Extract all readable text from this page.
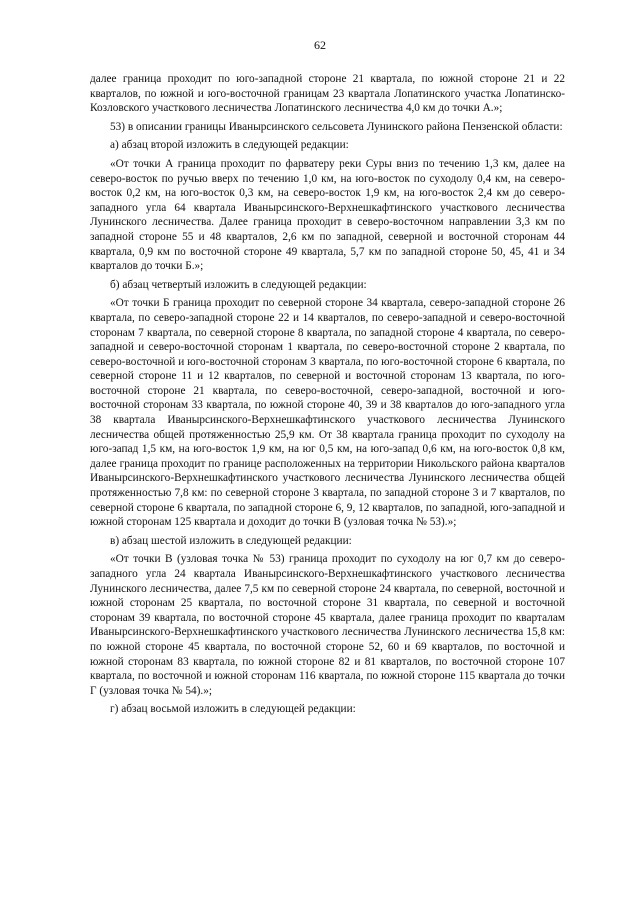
62

далее граница проходит по юго-западной стороне 21 квартала, по южной стороне 21 и 22 кварталов, по южной и юго-восточной границам 23 квартала Лопатинского участка Лопатинско-Козловского участкового лесничества Лопатинского лесничества 4,0 км до точки А.»;

53) в описании границы Иванырсинского сельсовета Лунинского района Пензенской области:

а) абзац второй изложить в следующей редакции:

«От точки А граница проходит по фарватеру реки Суры вниз по течению 1,3 км, далее на северо-восток по ручью вверх по течению 1,0 км, на юго-восток по суходолу 0,4 км, на северо-восток 0,2 км, на юго-восток 0,3 км, на северо-восток 1,9 км, на юго-восток 2,4 км до северо-западного угла 64 квартала Иванырсинского-Верхнешкафтинского участкового лесничества Лунинского лесничества. Далее граница проходит в северо-восточном направлении 3,3 км по западной стороне 55 и 48 кварталов, 2,6 км по западной, северной и восточной сторонам 44 квартала, 0,9 км по восточной стороне 49 квартала, 5,7 км по западной стороне 50, 45, 41 и 34 кварталов до точки Б.»;

б) абзац четвертый изложить в следующей редакции:

«От точки Б граница проходит по северной стороне 34 квартала, северо-западной стороне 26 квартала, по северо-западной стороне 22 и 14 кварталов, по северо-западной и северо-восточной сторонам 7 квартала, по северной стороне 8 квартала, по западной стороне 4 квартала, по северо-западной и северо-восточной сторонам 1 квартала, по северо-восточной стороне 2 квартала, по северо-восточной и юго-восточной сторонам 3 квартала, по юго-восточной стороне 6 квартала, по северной стороне 11 и 12 кварталов, по северной и восточной сторонам 13 квартала, по юго-восточной стороне 21 квартала, по северо-восточной, северо-западной, восточной и юго-восточной сторонам 33 квартала, по южной стороне 40, 39 и 38 кварталов до юго-западного угла 38 квартала Иванырсинского-Верхнешкафтинского участкового лесничества Лунинского лесничества общей протяженностью 25,9 км. От 38 квартала граница проходит по суходолу на юго-запад 1,5 км, на юго-восток 1,9 км, на юг 0,5 км, на юго-запад 0,6 км, на юго-восток 0,8 км, далее граница проходит по границе расположенных на территории Никольского района кварталов Иванырсинского-Верхнешкафтинского участкового лесничества Лунинского лесничества общей протяженностью 7,8 км: по северной стороне 3 квартала, по западной стороне 3 и 7 кварталов, по северной стороне 6 квартала, по западной стороне 6, 9, 12 кварталов, по западной, юго-западной и южной сторонам 125 квартала и доходит до точки В (узловая точка № 53).»;

в) абзац шестой изложить в следующей редакции:

«От точки В (узловая точка № 53) граница проходит по суходолу на юг 0,7 км до северо-западного угла 24 квартала Иванырсинского-Верхнешкафтинского участкового лесничества Лунинского лесничества, далее 7,5 км по северной стороне 24 квартала, по северной, восточной и южной сторонам 25 квартала, по восточной стороне 31 квартала, по северной и восточной сторонам 39 квартала, по восточной стороне 45 квартала, далее граница проходит по кварталам Иванырсинского-Верхнешкафтинского участкового лесничества Лунинского лесничества 15,8 км: по южной стороне 45 квартала, по восточной стороне 52, 60 и 69 кварталов, по восточной и южной сторонам 83 квартала, по южной стороне 82 и 81 кварталов, по восточной стороне 107 квартала, по восточной и южной сторонам 116 квартала, по южной стороне 115 квартала до точки Г (узловая точка № 54).»;

г) абзац восьмой изложить в следующей редакции:
